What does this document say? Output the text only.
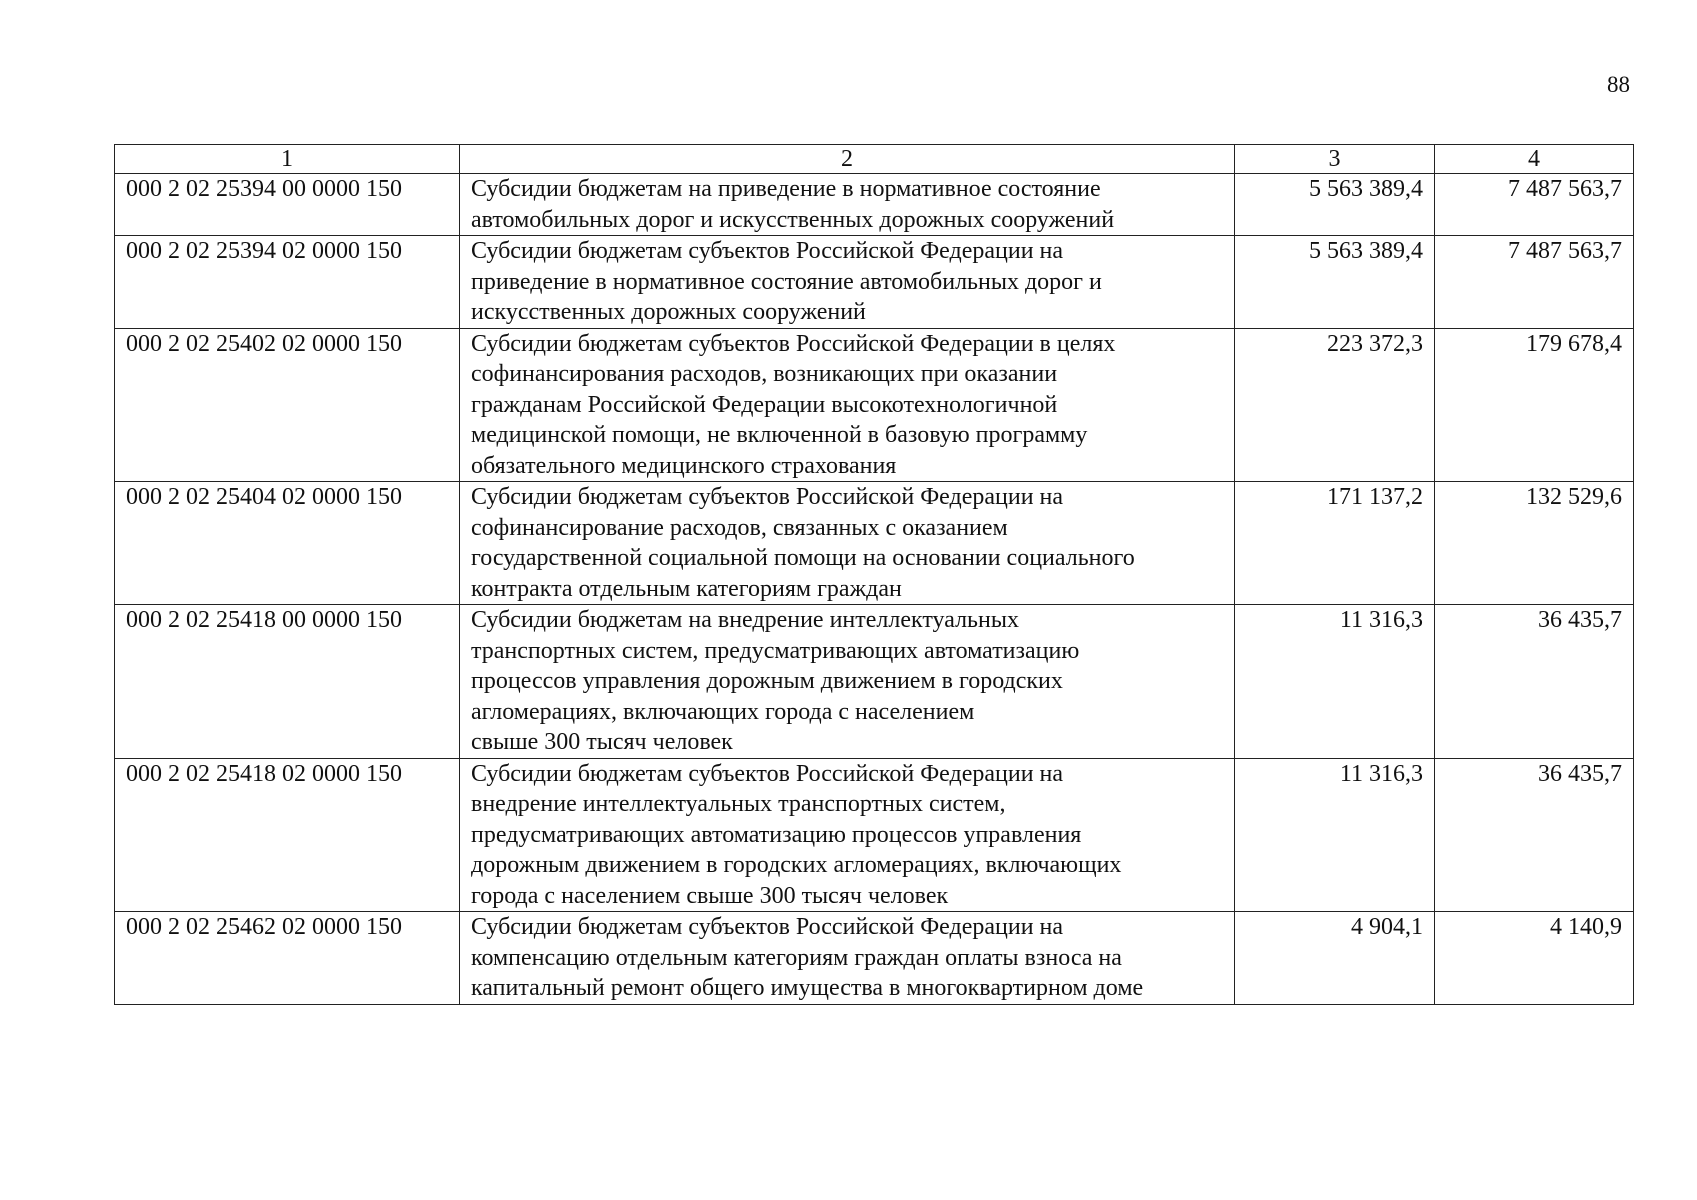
88
1	2	3	4
000 2 02 25394 00 0000 150	Субсидии бюджетам на приведение в нормативное состояние
автомобильных дорог и искусственных дорожных сооружений	5 563 389,4	7 487 563,7
000 2 02 25394 02 0000 150	Субсидии бюджетам субъектов Российской Федерации на
приведение в нормативное состояние автомобильных дорог и
искусственных дорожных сооружений	5 563 389,4	7 487 563,7
000 2 02 25402 02 0000 150	Субсидии бюджетам субъектов Российской Федерации в целях
софинансирования расходов, возникающих при оказании
гражданам Российской Федерации высокотехнологичной
медицинской помощи, не включенной в базовую программу
обязательного медицинского страхования	223 372,3	179 678,4
000 2 02 25404 02 0000 150	Субсидии бюджетам субъектов Российской Федерации на
софинансирование расходов, связанных с оказанием
государственной социальной помощи на основании социального
контракта отдельным категориям граждан	171 137,2	132 529,6
000 2 02 25418 00 0000 150	Субсидии бюджетам на внедрение интеллектуальных
транспортных систем, предусматривающих автоматизацию
процессов управления дорожным движением в городских
агломерациях, включающих города с населением
свыше 300 тысяч человек	11 316,3	36 435,7
000 2 02 25418 02 0000 150	Субсидии бюджетам субъектов Российской Федерации на
внедрение интеллектуальных транспортных систем,
предусматривающих автоматизацию процессов управления
дорожным движением в городских агломерациях, включающих
города с населением свыше 300 тысяч человек	11 316,3	36 435,7
000 2 02 25462 02 0000 150	Субсидии бюджетам субъектов Российской Федерации на
компенсацию отдельным категориям граждан оплаты взноса на
капитальный ремонт общего имущества в многоквартирном доме	4 904,1	4 140,9
